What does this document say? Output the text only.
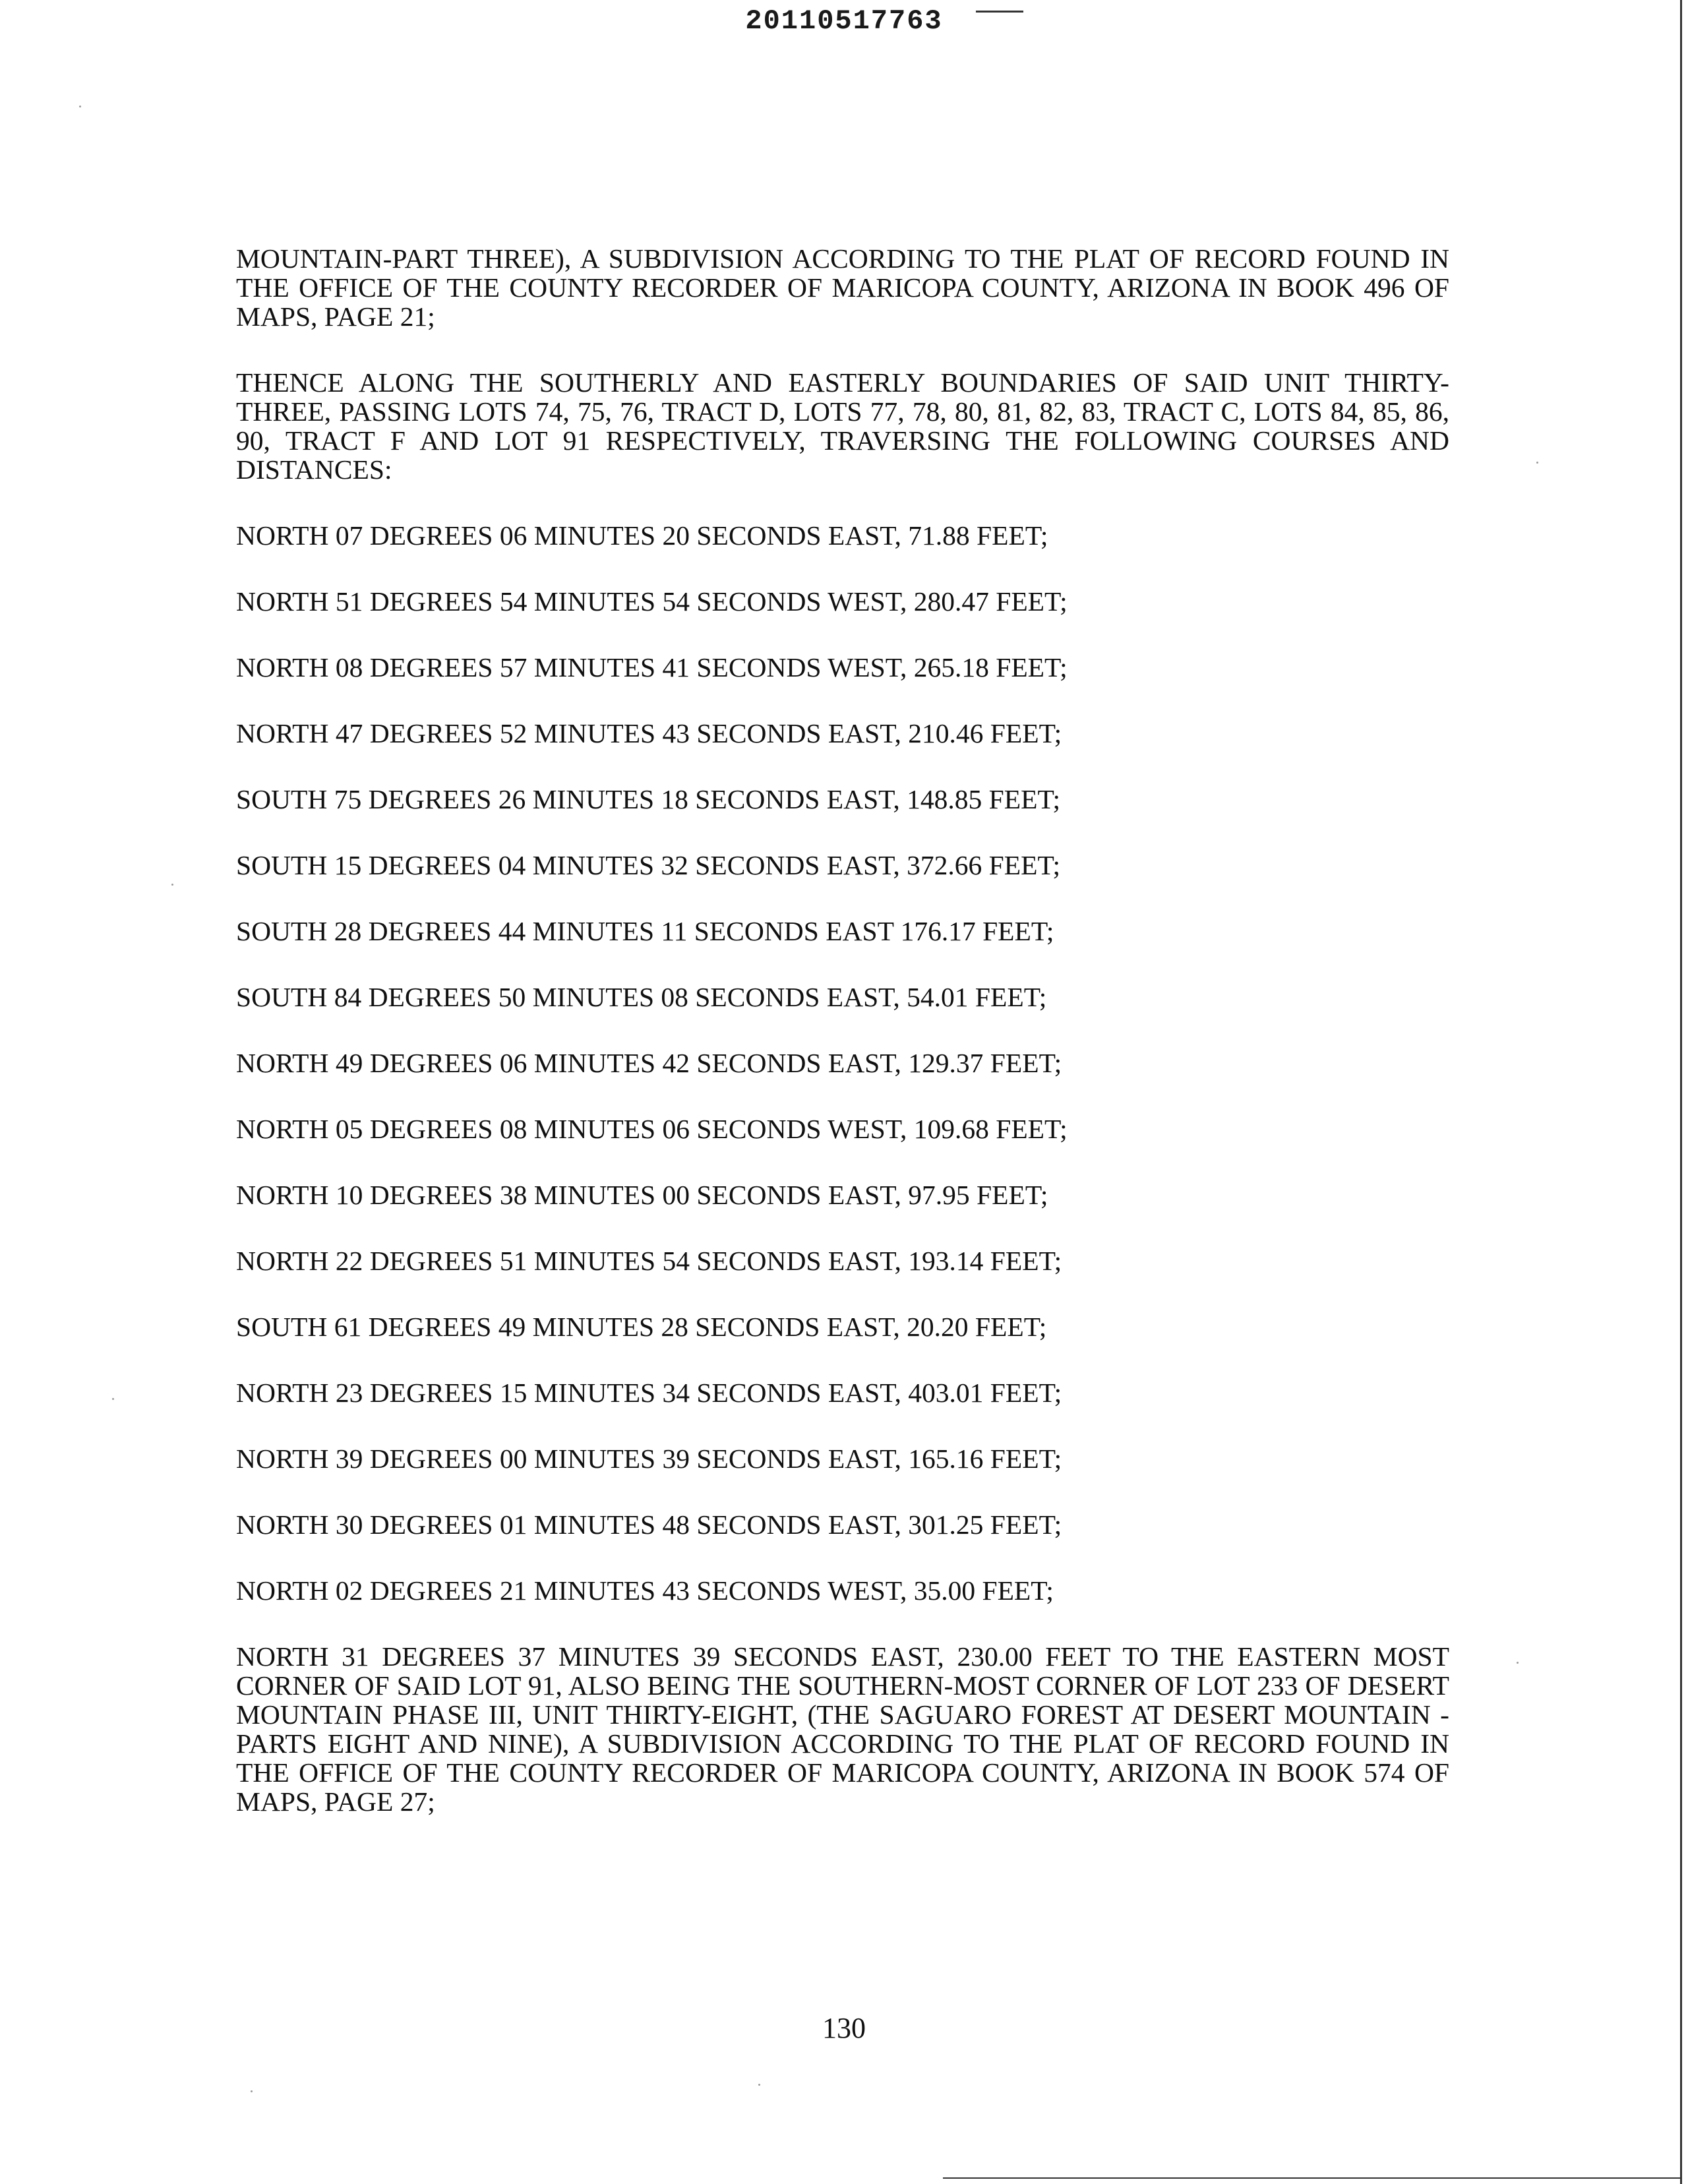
20110517763

MOUNTAIN-PART THREE), A SUBDIVISION ACCORDING TO THE PLAT OF RECORD FOUND IN THE OFFICE OF THE COUNTY RECORDER OF MARICOPA COUNTY, ARIZONA IN BOOK 496 OF MAPS, PAGE 21;

THENCE ALONG THE SOUTHERLY AND EASTERLY BOUNDARIES OF SAID UNIT THIRTY-THREE, PASSING LOTS 74, 75, 76, TRACT D, LOTS 77, 78, 80, 81, 82, 83, TRACT C, LOTS 84, 85, 86, 90, TRACT F AND LOT 91 RESPECTIVELY, TRAVERSING THE FOLLOWING COURSES AND DISTANCES:

NORTH 07 DEGREES 06 MINUTES 20 SECONDS EAST, 71.88 FEET;

NORTH 51 DEGREES 54 MINUTES 54 SECONDS WEST, 280.47 FEET;

NORTH 08 DEGREES 57 MINUTES 41 SECONDS WEST, 265.18 FEET;

NORTH 47 DEGREES 52 MINUTES 43 SECONDS EAST, 210.46 FEET;

SOUTH 75 DEGREES 26 MINUTES 18 SECONDS EAST, 148.85 FEET;

SOUTH 15 DEGREES 04 MINUTES 32 SECONDS EAST, 372.66 FEET;

SOUTH 28 DEGREES 44 MINUTES 11 SECONDS EAST 176.17 FEET;

SOUTH 84 DEGREES 50 MINUTES 08 SECONDS EAST, 54.01 FEET;

NORTH 49 DEGREES 06 MINUTES 42 SECONDS EAST, 129.37 FEET;

NORTH 05 DEGREES 08 MINUTES 06 SECONDS WEST, 109.68 FEET;

NORTH 10 DEGREES 38 MINUTES 00 SECONDS EAST, 97.95 FEET;

NORTH 22 DEGREES 51 MINUTES 54 SECONDS EAST, 193.14 FEET;

SOUTH 61 DEGREES 49 MINUTES 28 SECONDS EAST, 20.20 FEET;

NORTH 23 DEGREES 15 MINUTES 34 SECONDS EAST, 403.01 FEET;

NORTH 39 DEGREES 00 MINUTES 39 SECONDS EAST, 165.16 FEET;

NORTH 30 DEGREES 01 MINUTES 48 SECONDS EAST, 301.25 FEET;

NORTH 02 DEGREES 21 MINUTES 43 SECONDS WEST, 35.00 FEET;

NORTH 31 DEGREES 37 MINUTES 39 SECONDS EAST, 230.00 FEET TO THE EASTERN MOST CORNER OF SAID LOT 91, ALSO BEING THE SOUTHERN-MOST CORNER OF LOT 233 OF DESERT MOUNTAIN PHASE III, UNIT THIRTY-EIGHT, (THE SAGUARO FOREST AT DESERT MOUNTAIN - PARTS EIGHT AND NINE), A SUBDIVISION ACCORDING TO THE PLAT OF RECORD FOUND IN THE OFFICE OF THE COUNTY RECORDER OF MARICOPA COUNTY, ARIZONA IN BOOK 574 OF MAPS, PAGE 27;

130
